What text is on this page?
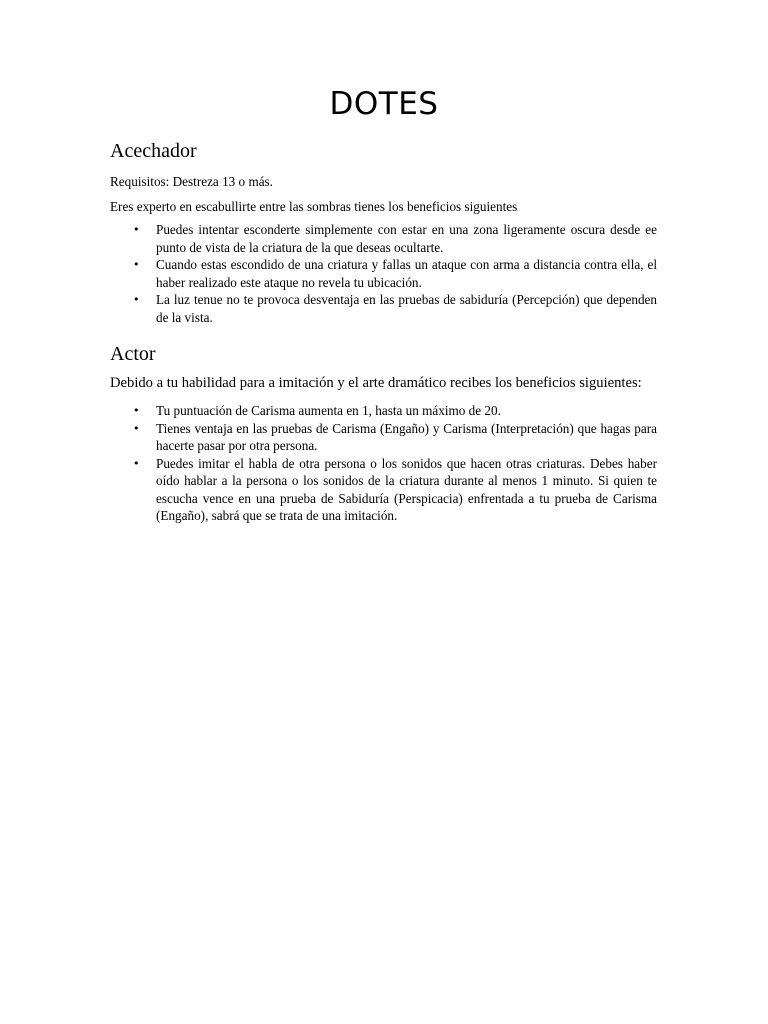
DOTES
Acechador

Requisitos: Destreza 13 o más.

Eres experto en escabullirte entre las sombras tienes los beneficios siguientes

• Puedes intentar esconderte simplemente con estar en una zona ligeramente oscura desde ee punto de vista de la criatura de la que deseas ocultarte.
• Cuando estas escondido de una criatura y fallas un ataque con arma a distancia contra ella, el haber realizado este ataque no revela tu ubicación.
• La luz tenue no te provoca desventaja en las pruebas de sabiduría (Percepción) que dependen de la vista.
Actor

Debido a tu habilidad para a imitación y el arte dramático recibes los beneficios siguientes:

• Tu puntuación de Carisma aumenta en 1, hasta un máximo de 20.
• Tienes ventaja en las pruebas de Carisma (Engaño) y Carisma (Interpretación) que hagas para hacerte pasar por otra persona.
• Puedes imitar el habla de otra persona o los sonidos que hacen otras criaturas. Debes haber oído hablar a la persona o los sonidos de la criatura durante al menos 1 minuto. Si quien te escucha vence en una prueba de Sabiduría (Perspicacia) enfrentada a tu prueba de Carisma (Engaño), sabrá que se trata de una imitación.
